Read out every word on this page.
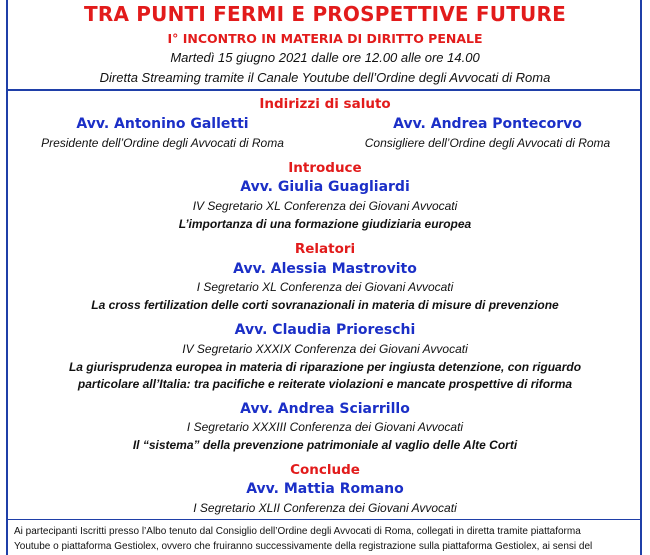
TRA PUNTI FERMI E PROSPETTIVE FUTURE
I° INCONTRO IN MATERIA DI DIRITTO PENALE
Martedì 15 giugno 2021 dalle ore 12.00 alle ore 14.00
Diretta Streaming tramite il Canale Youtube dell’Ordine degli Avvocati di Roma
Indirizzi di saluto
Avv. Antonino Galletti
Presidente dell’Ordine degli Avvocati di Roma
Avv. Andrea Pontecorvo
Consigliere dell’Ordine degli Avvocati di Roma
Introduce
Avv. Giulia Guagliardi
IV Segretario XL Conferenza dei Giovani Avvocati
L’importanza di una formazione giudiziaria europea
Relatori
Avv. Alessia Mastrovito
I Segretario XL Conferenza dei Giovani Avvocati
La cross fertilization delle corti sovranazionali in materia di misure di prevenzione
Avv. Claudia Prioreschi
IV Segretario XXXIX Conferenza dei Giovani Avvocati
La giurisprudenza europea in materia di riparazione per ingiusta detenzione, con riguardo
particolare all’Italia: tra pacifiche e reiterate violazioni e mancate prospettive di riforma
Avv. Andrea Sciarrillo
I Segretario XXXIII Conferenza dei Giovani Avvocati
Il “sistema” della prevenzione patrimoniale al vaglio delle Alte Corti
Conclude
Avv. Mattia Romano
I Segretario XLII Conferenza dei Giovani Avvocati
Ai partecipanti Iscritti presso l’Albo tenuto dal Consiglio dell’Ordine degli Avvocati di Roma, collegati in diretta tramite piattaforma
Youtube o piattaforma Gestiolex, ovvero che fruiranno successivamente della registrazione sulla piattaforma Gestiolex, ai sensi del
